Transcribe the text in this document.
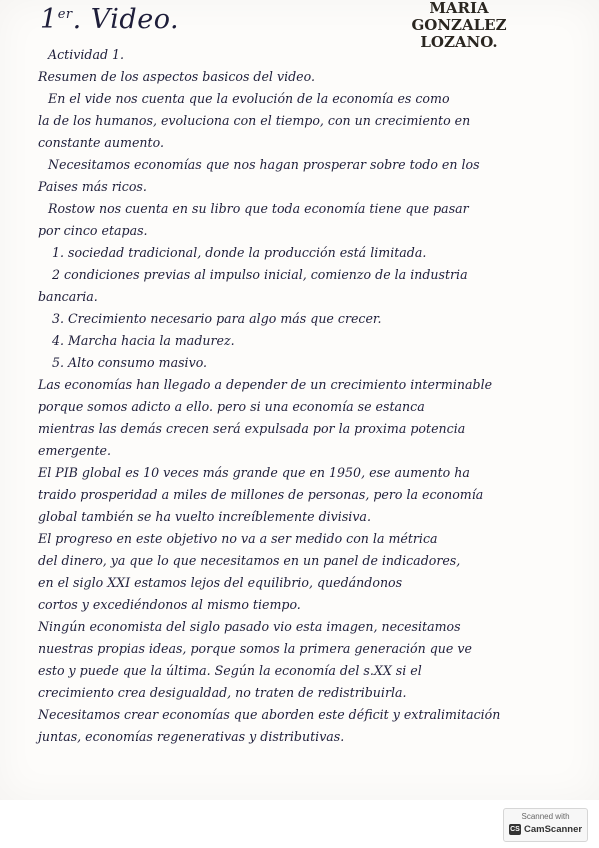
1er. Video.	MARIA
GONZALEZ
LOZANO.
Actividad 1.
Resumen de los aspectos basicos del video.
En el vide nos cuenta que la evolución de la economía es como
la de los humanos, evoluciona con el tiempo, con un crecimiento en
constante aumento.
Necesitamos economías que nos hagan prosperar sobre todo en los
Paises más ricos.
Rostow nos cuenta en su libro que toda economía tiene que pasar
por cinco etapas.
1. sociedad tradicional, donde la producción está limitada.
2 condiciones previas al impulso inicial, comienzo de la industria
bancaria.
3. Crecimiento necesario para algo más que crecer.
4. Marcha hacia la madurez.
5. Alto consumo masivo.
Las economías han llegado a depender de un crecimiento interminable
porque somos adicto a ello. pero si una economía se estanca
mientras las demás crecen será expulsada por la proxima potencia
emergente.
El PIB global es 10 veces más grande que en 1950, ese aumento ha
traido prosperidad a miles de millones de personas, pero la economía
global también se ha vuelto increíblemente divisiva.
El progreso en este objetivo no va a ser medido con la métrica
del dinero, ya que lo que necesitamos en un panel de indicadores,
en el siglo XXI estamos lejos del equilibrio, quedándonos
cortos y excediéndonos al mismo tiempo.
Ningún economista del siglo pasado vio esta imagen, necesitamos
nuestras propias ideas, porque somos la primera generación que ve
esto y puede que la última. Según la economía del s.XX si el
crecimiento crea desigualdad, no traten de redistribuirla.
Necesitamos crear economías que aborden este déficit y extralimitación
juntas, economías regenerativas y distributivas.
Scanned with
CS CamScanner
